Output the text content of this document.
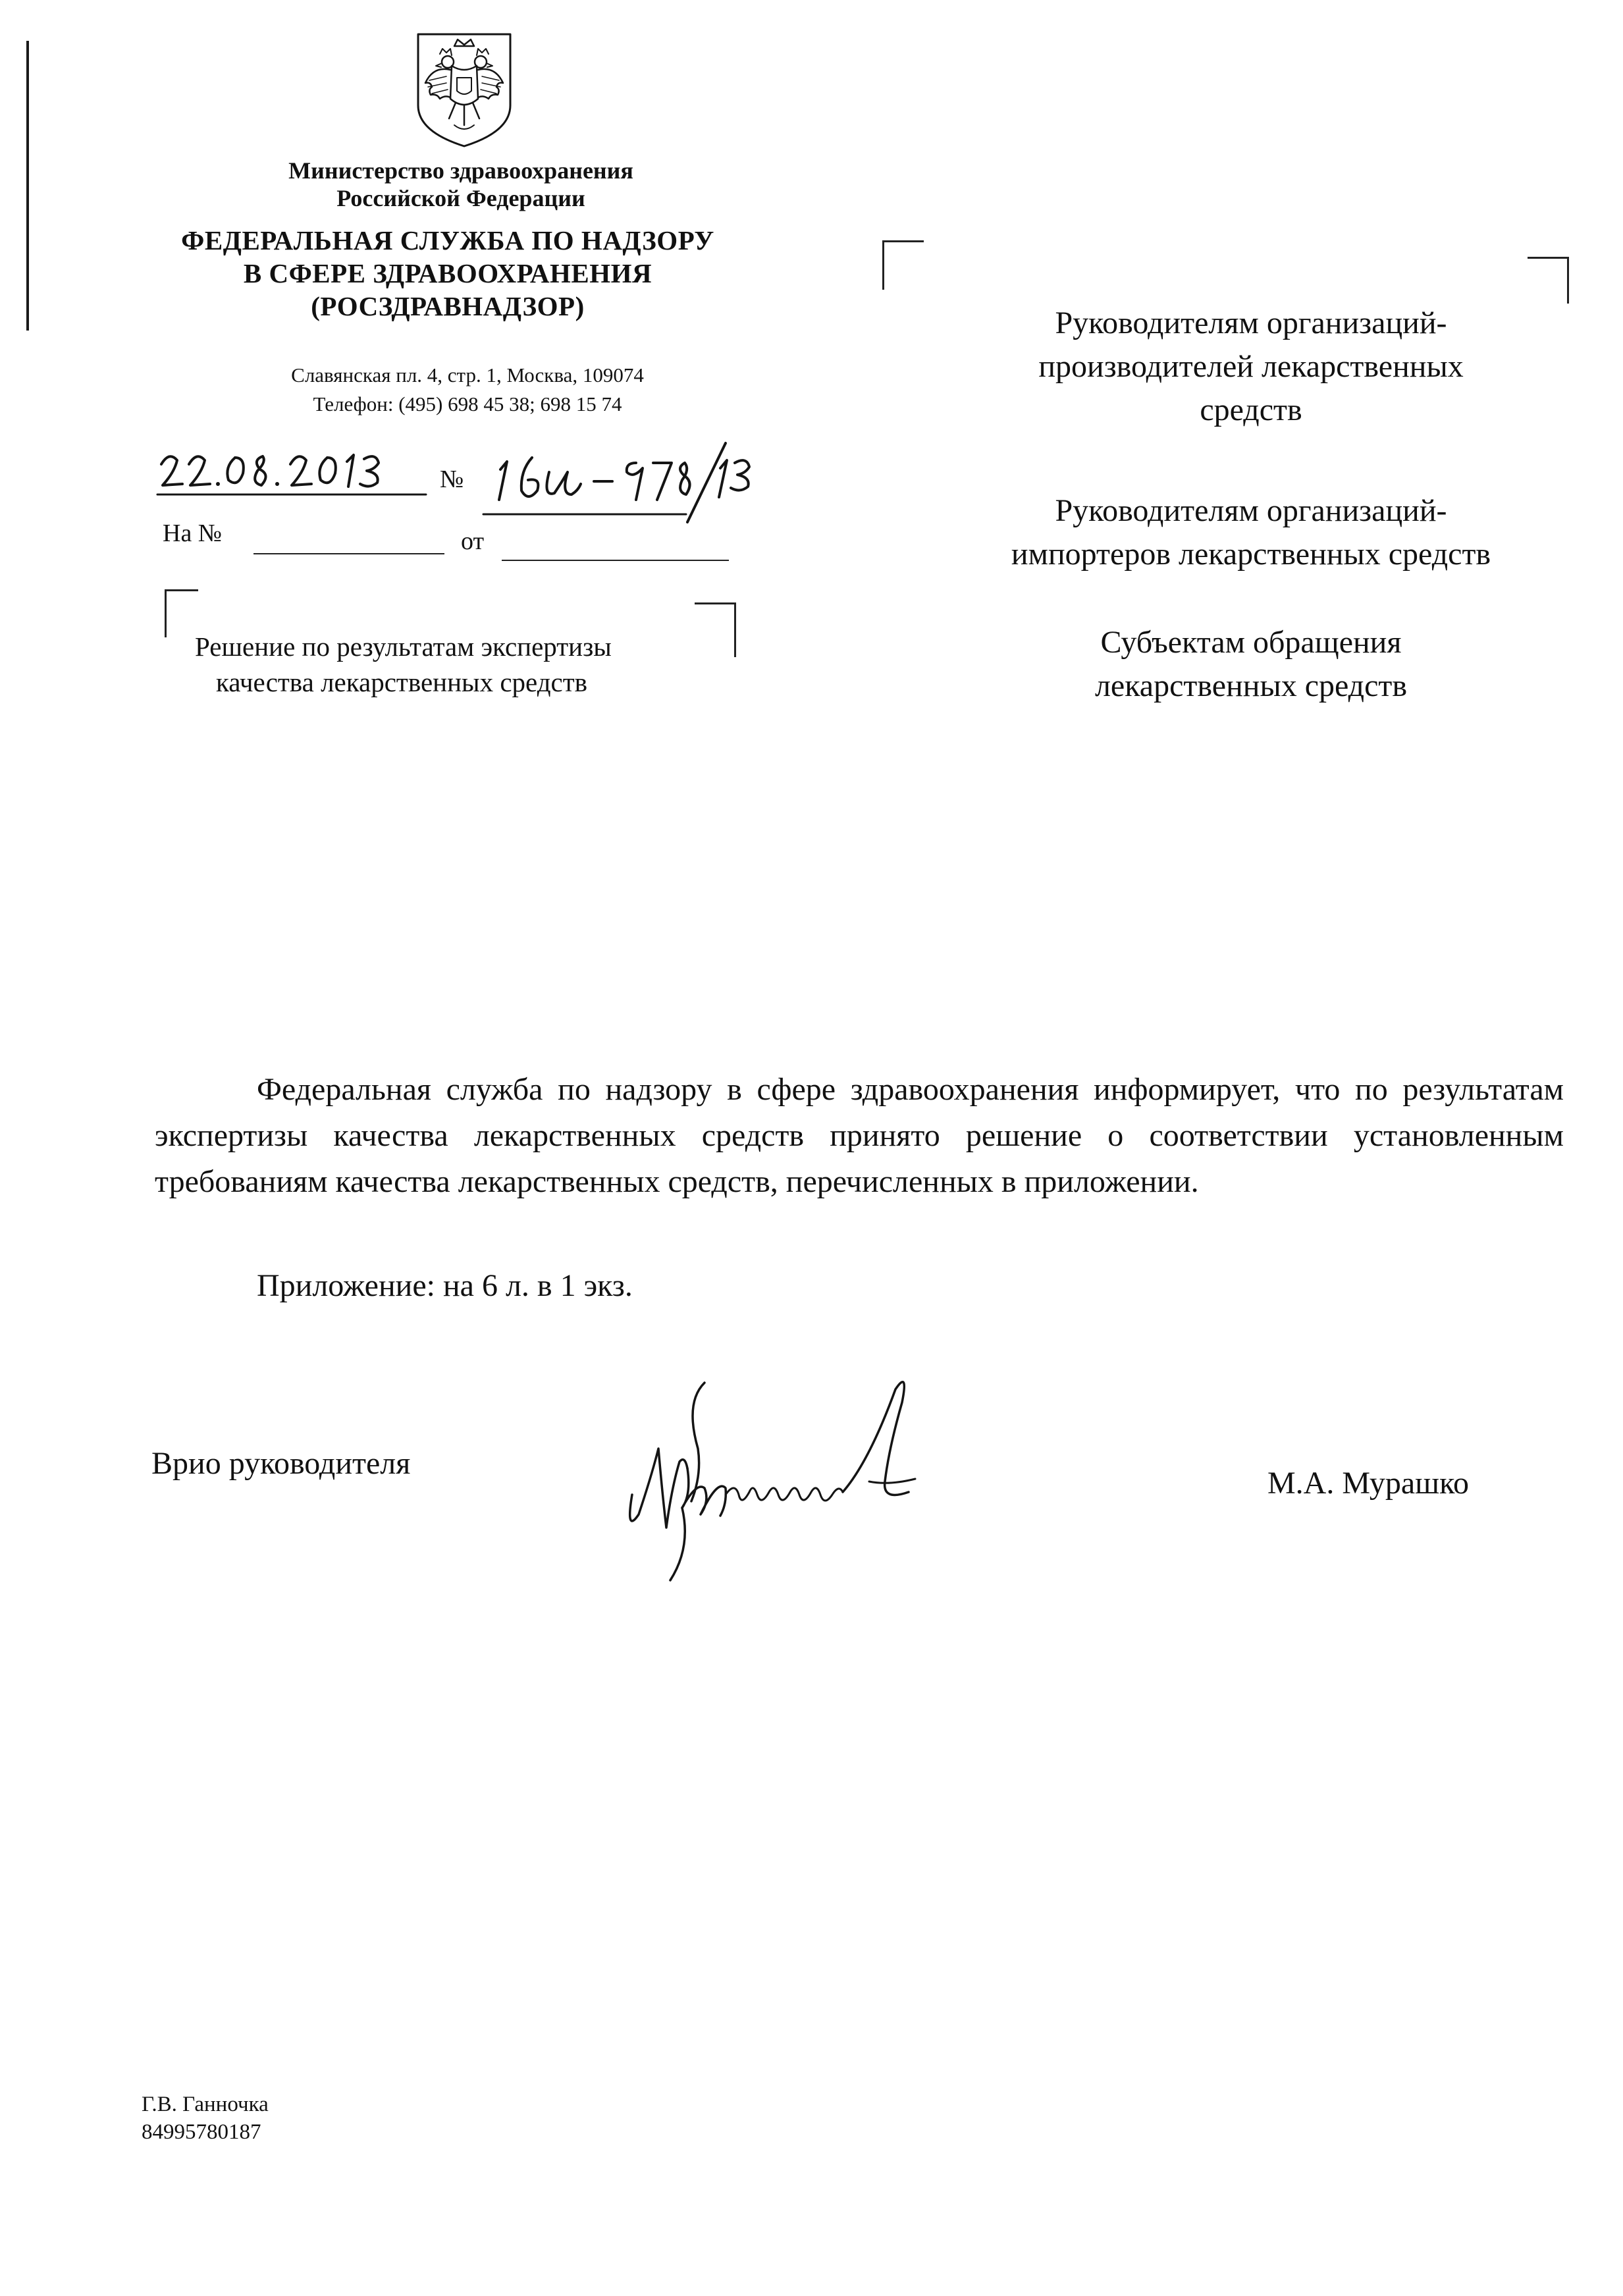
Министерство здравоохранения
Российской Федерации
ФЕДЕРАЛЬНАЯ СЛУЖБА ПО НАДЗОРУ
В СФЕРЕ ЗДРАВООХРАНЕНИЯ
(РОСЗДРАВНАДЗОР)
Славянская пл. 4, стр. 1, Москва, 109074
Телефон: (495) 698 45 38; 698 15 74
№
На №	от
Решение по результатам экспертизы
качества лекарственных средств
Руководителям организаций-
производителей лекарственных
средств
Руководителям организаций-
импортеров лекарственных средств
Субъектам обращения
лекарственных средств

Федеральная служба по надзору в сфере здравоохранения информирует, что по результатам экспертизы качества лекарственных средств принято решение о соответствии установленным требованиям качества лекарственных средств, перечисленных в приложении.

Приложение: на 6 л. в 1 экз.
Врио руководителя
М.А. Мурашко
Г.В. Ганночка
84995780187
